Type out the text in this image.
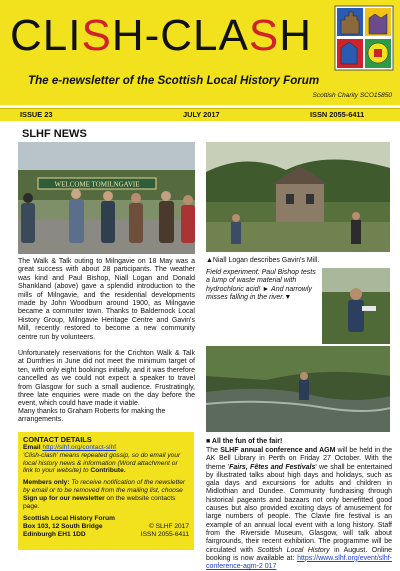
CLISH-CLASH
The e-newsletter of the Scottish Local History Forum
Scottish Charity SCO15850
ISSUE 23	JULY 2017	ISSN 2055-6411
SLHF NEWS
WELCOME TOMILNGAVIE
▲Niall Logan describes Gavin's Mill.
The Walk & Talk outing to Milngavie on 18 May was a great success with about 28 participants. The weather was kind and Paul Bishop, Niall Logan and Donald Shankland (above) gave a splendid introduction to the mills of Milngavie, and the residential developments made by John Woodburn around 1900, as Milngavie became a commuter town. Thanks to Baldernock Local History Group, Milngavie Heritage Centre and Gavin's Mill, recently restored to become a new community centre run by volunteers.
Unfortunately reservations for the Crichton Walk & Talk at Dumfries in June did not meet the minimum target of ten, with only eight bookings initially, and it was therefore cancelled as we could not expect a speaker to travel from Glasgow for such a small audience. Frustratingly, three late enquiries were made on the day before the event, which could have made it viable.
Many thanks to Graham Roberts for making the arrangements.
Field experiment: Paul Bishop tests a lump of waste material with hydrochloric acid! ► And narrowly misses falling in the river.▼
■ All the fun of the fair!
The SLHF annual conference and AGM will be held in the AK Bell Library in Perth on Friday 27 October. With the theme 'Fairs, Fêtes and Festivals' we shall be entertained by illustrated talks about high days and holidays, such as gala days and excursions for adults and children in Midlothian and Dundee. Community fundraising through historical pageants and bazaars not only benefitted good causes but also provided exciting days of amusement for large numbers of people. The Clavie fire festival is an example of an annual local event with a long history. Staff from the Riverside Museum, Glasgow, will talk about fairgrounds, their recent exhibition. The programme will be circulated with Scottish Local History in August. Online booking is now available at: https://www.slhf.org/event/slhf-conference-agm-2 017
CONTACT DETAILS
Email http://slhf.org/contact-slhf
'Clish-clash' means repeated gossip, so do email your local history news & information (Word attachment or link to your website) to Contribute.
Members only: To receive notification of the newsletter by email or to be removed from the mailing list, choose Sign up for our newsletter on the website contacts page.
Scottish Local History Forum
Box 103, 12 South Bridge	© SLHF 2017
Edinburgh EH1 1DD	ISSN 2055-6411
